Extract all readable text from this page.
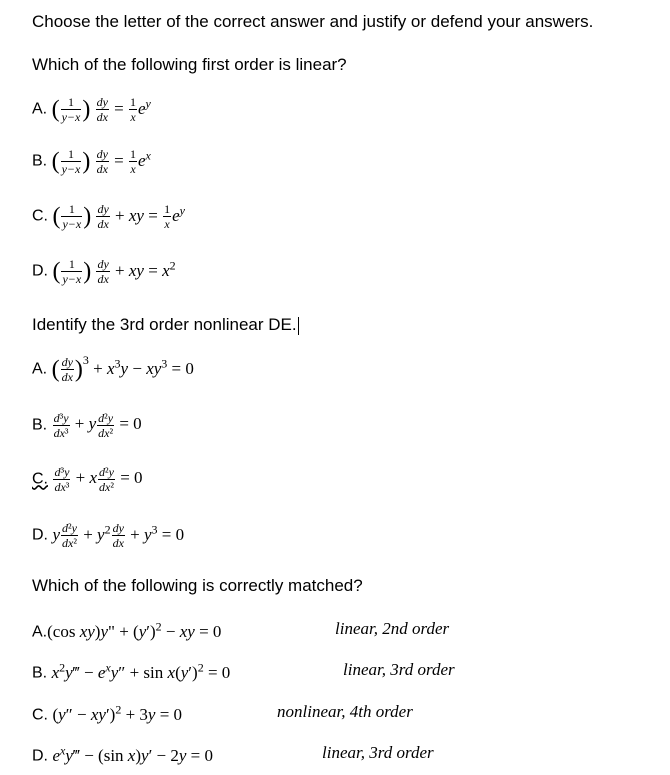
Choose the letter of the correct answer and justify or defend your answers.
Which of the following first order is linear?
A. ( $\frac{1}{y-x}$ ) $\frac{dy}{dx} = \frac{1}{x} e^y$
B. ( $\frac{1}{y-x}$ ) $\frac{dy}{dx} = \frac{1}{x} e^x$
C. ( $\frac{1}{y-x}$ ) $\frac{dy}{dx}$ + xy = $\frac{1}{x} e^y$
D. ( $\frac{1}{y-x}$ ) $\frac{dy}{dx}$ + xy = $x^2$
Identify the 3rd order nonlinear DE.
A. ( $\frac{dy}{dx} )^3 + x^3y - xy^3 = 0$
B. $\frac{\text{d³y}}{\text{dx³}} + y \frac{\text{d²y}}{\text{dx²}} = 0$
C. $\frac{\text{d³y}}{\text{dx³}} + x \frac{\text{d²y}}{\text{dx²}} = 0$
D. y $\frac{\text{d²y}}{\text{dx²}} + y^2 \frac{dy}{dx} + y^3 = 0$
Which of the following is correctly matched?
A.(cos xy)y" + $(y')^2$ − xy = 0	linear, 2nd order
B. $x^2y‴ - e^xy'' + \sin x(y')^2 = 0$	linear, 3rd order
C. $(y'' - xy')^2 + 3y = 0$	nonlinear, 4th order
D. $e^xy‴ - (\sin$ x)y′ − 2y = 0	linear, 3rd order
